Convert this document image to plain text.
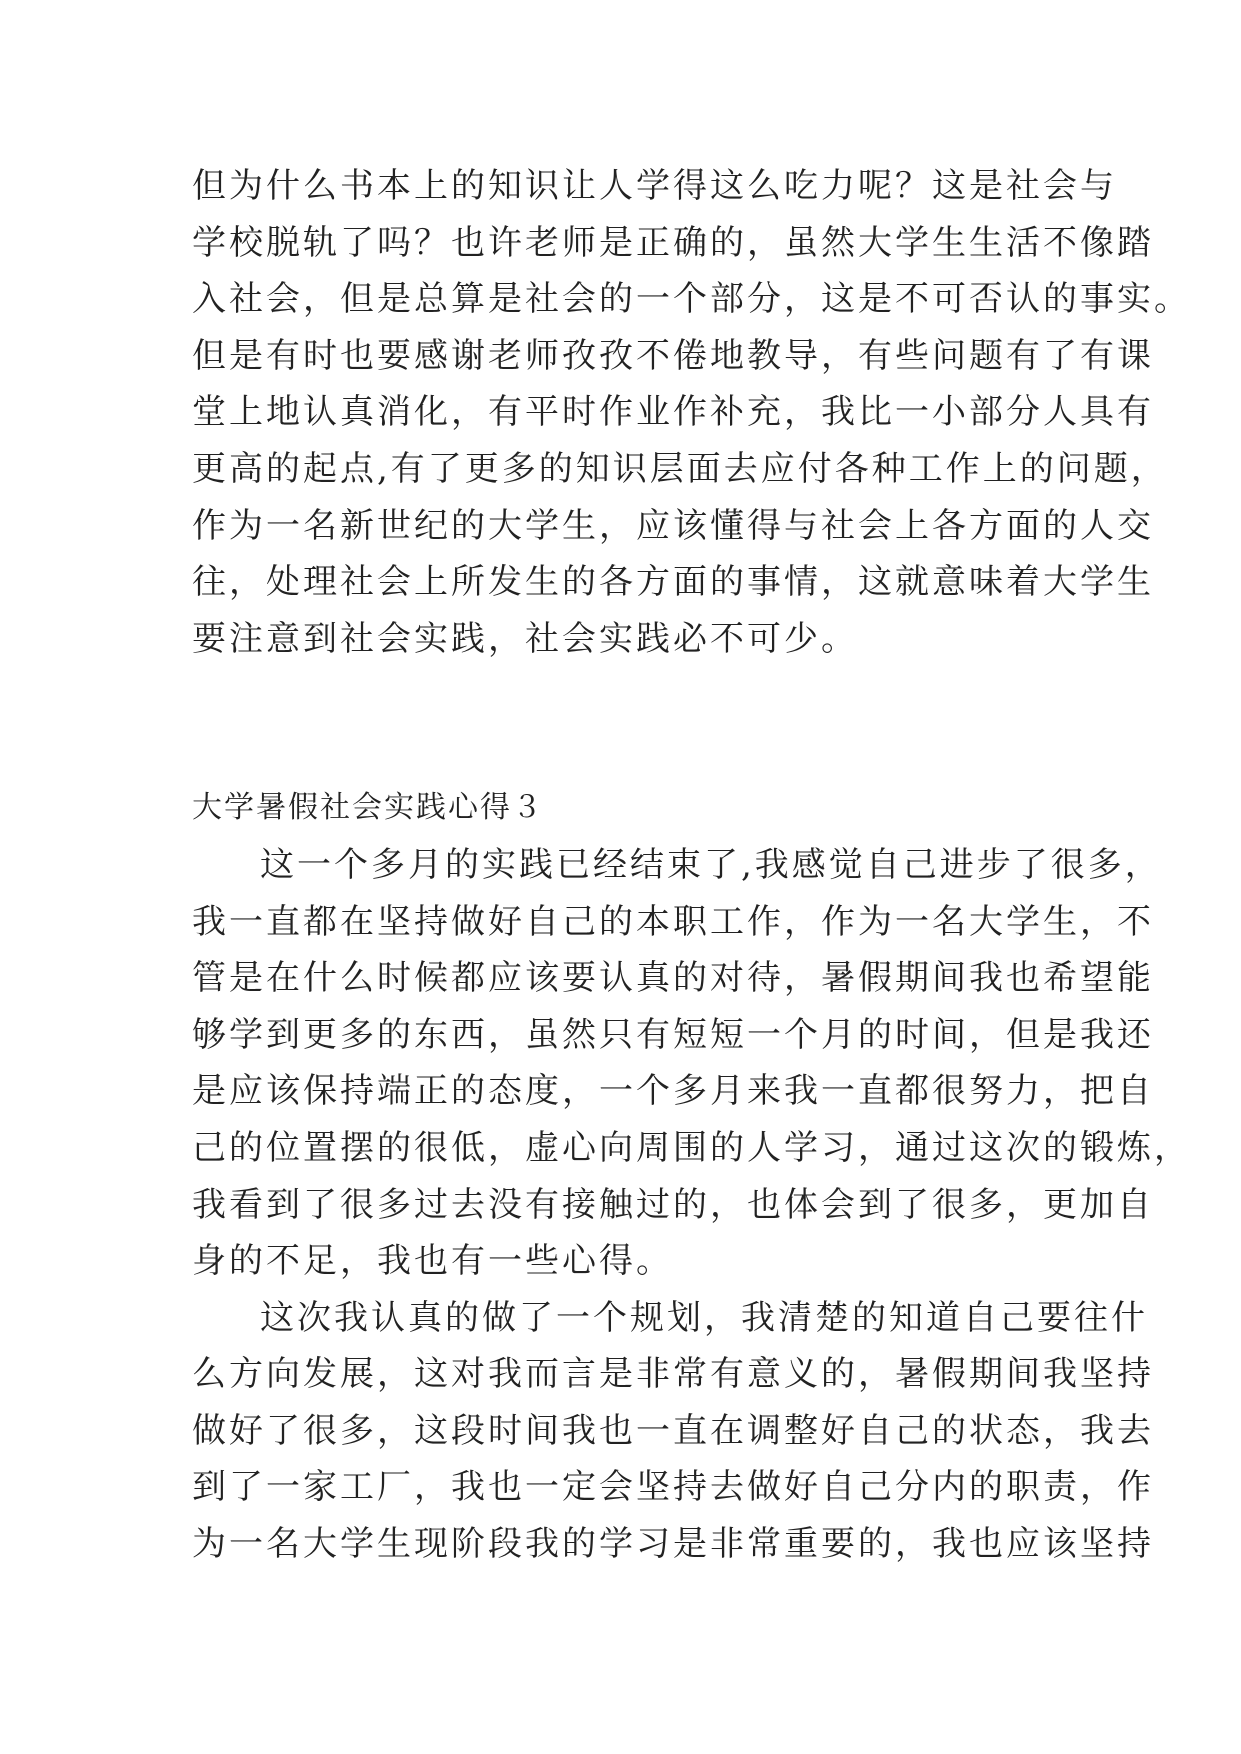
但为什么书本上的知识让人学得这么吃力呢？这是社会与
学校脱轨了吗？也许老师是正确的，虽然大学生生活不像踏
入社会，但是总算是社会的一个部分，这是不可否认的事实。
但是有时也要感谢老师孜孜不倦地教导，有些问题有了有课
堂上地认真消化，有平时作业作补充，我比一小部分人具有
更高的起点,有了更多的知识层面去应付各种工作上的问题，
作为一名新世纪的大学生，应该懂得与社会上各方面的人交
往，处理社会上所发生的各方面的事情，这就意味着大学生
要注意到社会实践，社会实践必不可少。
大学暑假社会实践心得３
这一个多月的实践已经结束了,我感觉自己进步了很多，
我一直都在坚持做好自己的本职工作，作为一名大学生，不
管是在什么时候都应该要认真的对待，暑假期间我也希望能
够学到更多的东西，虽然只有短短一个月的时间，但是我还
是应该保持端正的态度，一个多月来我一直都很努力，把自
己的位置摆的很低，虚心向周围的人学习，通过这次的锻炼，
我看到了很多过去没有接触过的，也体会到了很多，更加自
身的不足，我也有一些心得。
这次我认真的做了一个规划，我清楚的知道自己要往什
么方向发展，这对我而言是非常有意义的，暑假期间我坚持
做好了很多，这段时间我也一直在调整好自己的状态，我去
到了一家工厂，我也一定会坚持去做好自己分内的职责，作
为一名大学生现阶段我的学习是非常重要的，我也应该坚持
